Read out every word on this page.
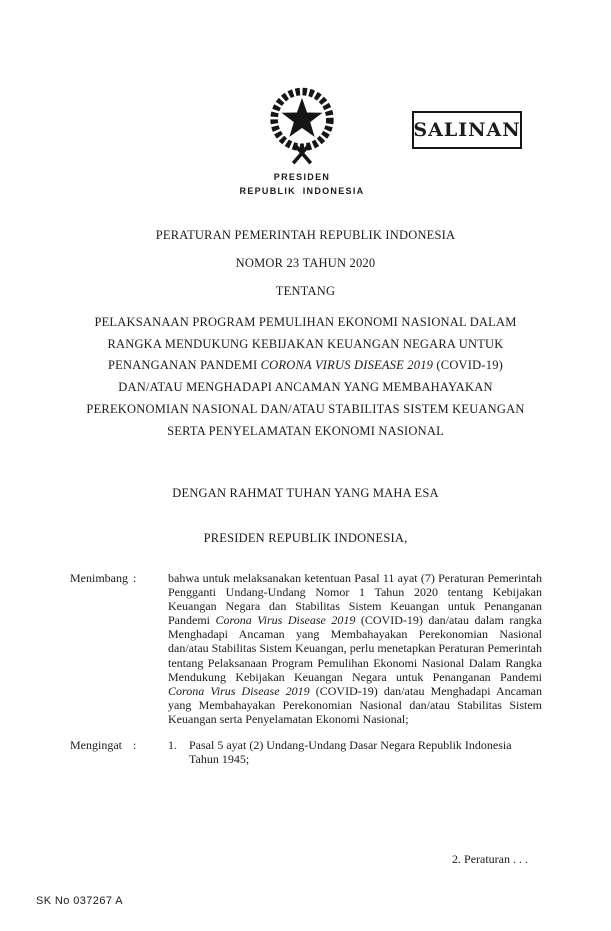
SALINAN
PRESIDEN
REPUBLIK INDONESIA
PERATURAN PEMERINTAH REPUBLIK INDONESIA
NOMOR 23 TAHUN 2020
TENTANG
PELAKSANAAN PROGRAM PEMULIHAN EKONOMI NASIONAL DALAM
RANGKA MENDUKUNG KEBIJAKAN KEUANGAN NEGARA UNTUK
PENANGANAN PANDEMI CORONA VIRUS DISEASE 2019 (COVID-19)
DAN/ATAU MENGHADAPI ANCAMAN YANG MEMBAHAYAKAN
PEREKONOMIAN NASIONAL DAN/ATAU STABILITAS SISTEM KEUANGAN
SERTA PENYELAMATAN EKONOMI NASIONAL
DENGAN RAHMAT TUHAN YANG MAHA ESA
PRESIDEN REPUBLIK INDONESIA,
Menimbang :	bahwa untuk melaksanakan ketentuan Pasal 11 ayat (7) Peraturan Pemerintah Pengganti Undang-Undang Nomor 1 Tahun 2020 tentang Kebijakan Keuangan Negara dan Stabilitas Sistem Keuangan untuk Penanganan Pandemi Corona Virus Disease 2019 (COVID-19) dan/atau dalam rangka Menghadapi Ancaman yang Membahayakan Perekonomian Nasional dan/atau Stabilitas Sistem Keuangan, perlu menetapkan Peraturan Pemerintah tentang Pelaksanaan Program Pemulihan Ekonomi Nasional Dalam Rangka Mendukung Kebijakan Keuangan Negara untuk Penanganan Pandemi Corona Virus Disease 2019 (COVID-19) dan/atau Menghadapi Ancaman yang Membahayakan Perekonomian Nasional dan/atau Stabilitas Sistem Keuangan serta Penyelamatan Ekonomi Nasional;
Mengingat :	1.	Pasal 5 ayat (2) Undang-Undang Dasar Negara Republik Indonesia Tahun 1945;
2. Peraturan . . .
SK No 037267 A
